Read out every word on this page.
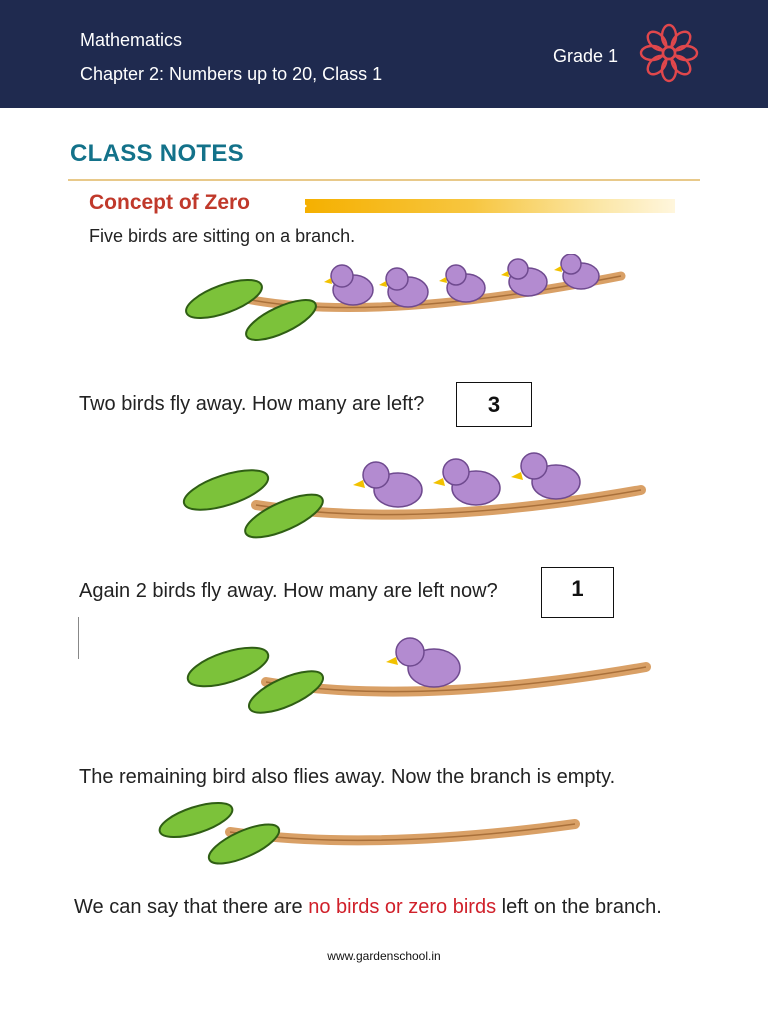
Mathematics
Chapter 2: Numbers up to 20, Class 1
Grade 1
CLASS NOTES
Concept of Zero
Five birds are sitting on a branch.
Two birds fly away. How many are left?	3
Again 2 birds fly away. How many are left now?	1
The remaining bird also flies away. Now the branch is empty.
We can say that there are no birds or zero birds left on the branch.
www.gardenschool.in
